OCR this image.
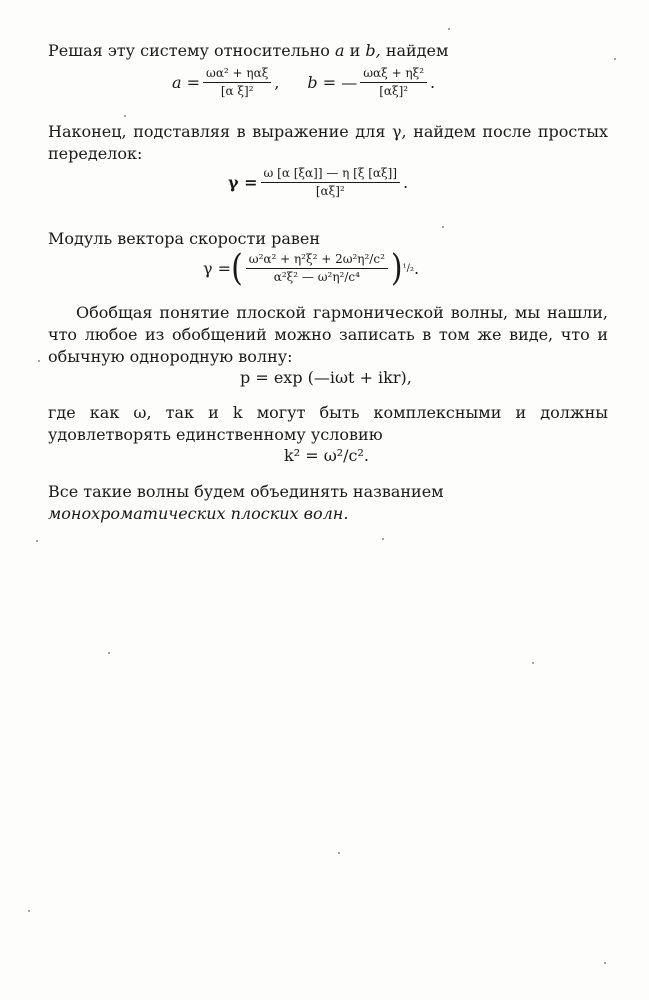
Решая эту систему относительно a и b, найдем
$a = \frac{\text{ωα² + ηαξ}}{\text{[α ξ]²}}$ , b = — $\frac{\text{ωαξ + ηξ²}}{\text{[αξ]²}}$ .
Наконец, подставляя в выражение для γ, найдем после простых переделок:
$\gamma = \frac{\omega [\alpha [\xi\alpha]] — \eta [\xi [\alpha\xi]]}{\text{[αξ]²}}$ .
Модуль вектора скорости равен
γ = ( $\frac{\text{ω²α² + η²ξ² + 2ω²η²/c²}}{\text{α²ξ² — ω²η²/c⁴}}$ ) ¹/₂ .
Обобщая понятие плоской гармонической волны, мы нашли, что любое из обобщений можно записать в том же виде, что и обычную однородную волну:
p = exp (—iωt + ikr),
где как ω, так и k могут быть комплексными и должны удовлетворять единственному условию
k² = ω²/c².
Все такие волны будем объединять названием монохроматических плоских волн.
